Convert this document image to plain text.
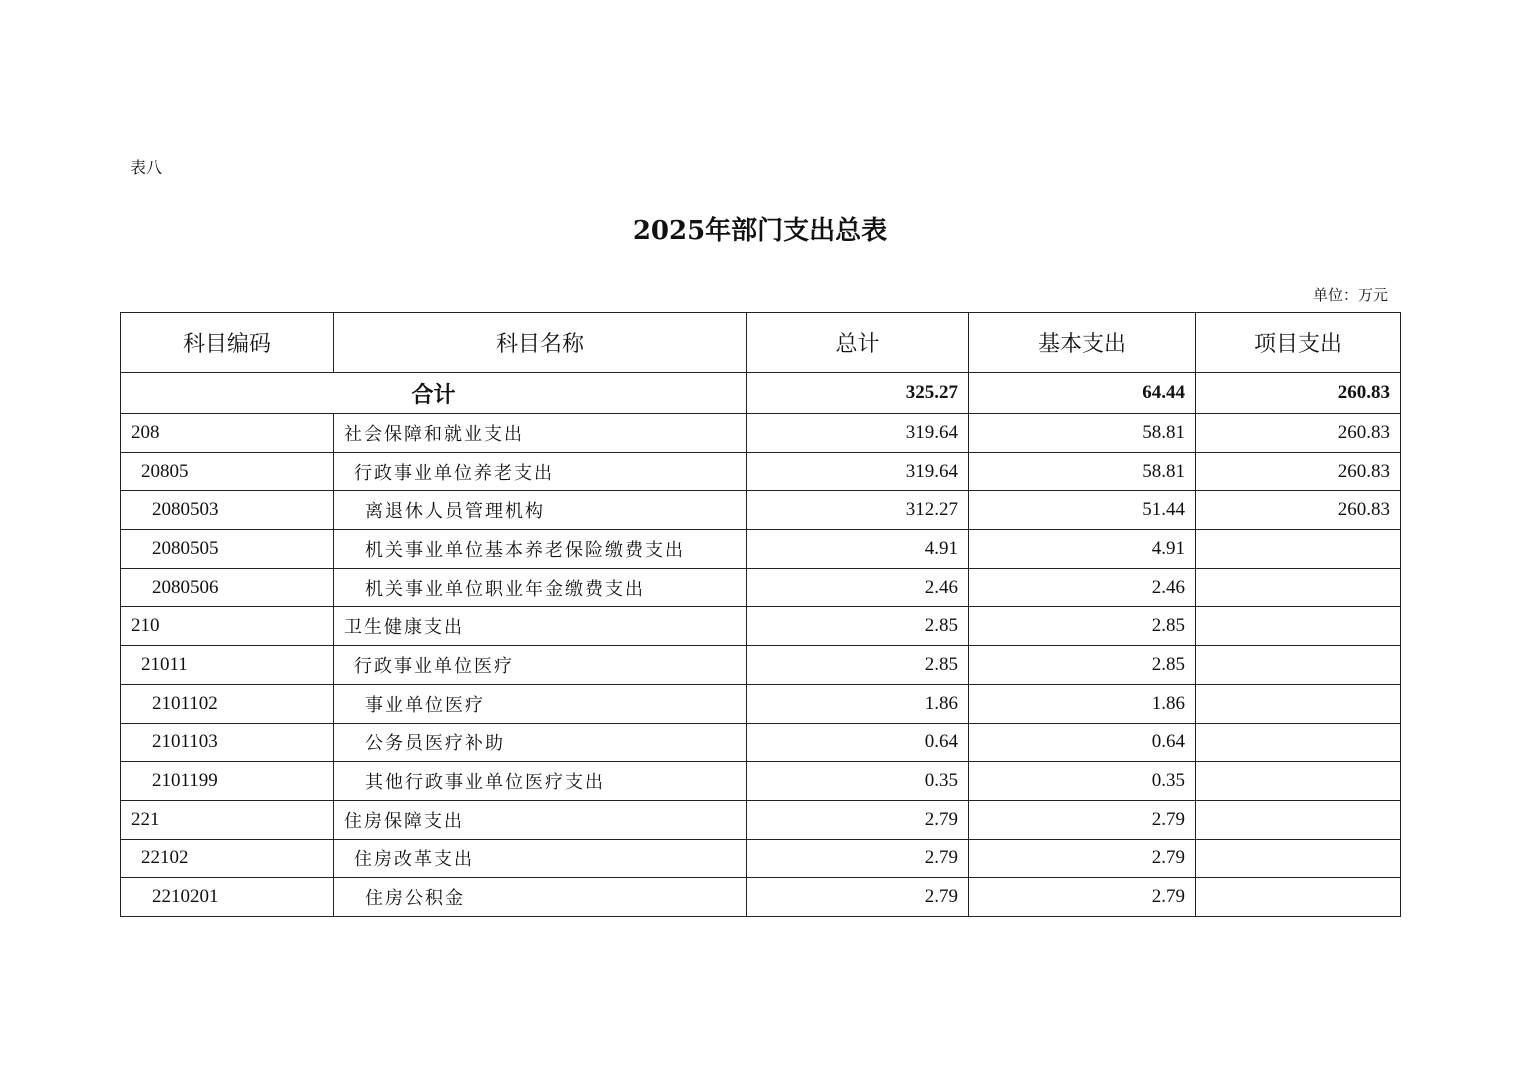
表八
2025年部门支出总表
单位：万元
科目编码	科目名称	总计	基本支出	项目支出
合计		325.27	64.44	260.83
208	社会保障和就业支出	319.64	58.81	260.83
20805	行政事业单位养老支出	319.64	58.81	260.83
2080503	离退休人员管理机构	312.27	51.44	260.83
2080505	机关事业单位基本养老保险缴费支出	4.91	4.91	
2080506	机关事业单位职业年金缴费支出	2.46	2.46	
210	卫生健康支出	2.85	2.85	
21011	行政事业单位医疗	2.85	2.85	
2101102	事业单位医疗	1.86	1.86	
2101103	公务员医疗补助	0.64	0.64	
2101199	其他行政事业单位医疗支出	0.35	0.35	
221	住房保障支出	2.79	2.79	
22102	住房改革支出	2.79	2.79	
2210201	住房公积金	2.79	2.79	
